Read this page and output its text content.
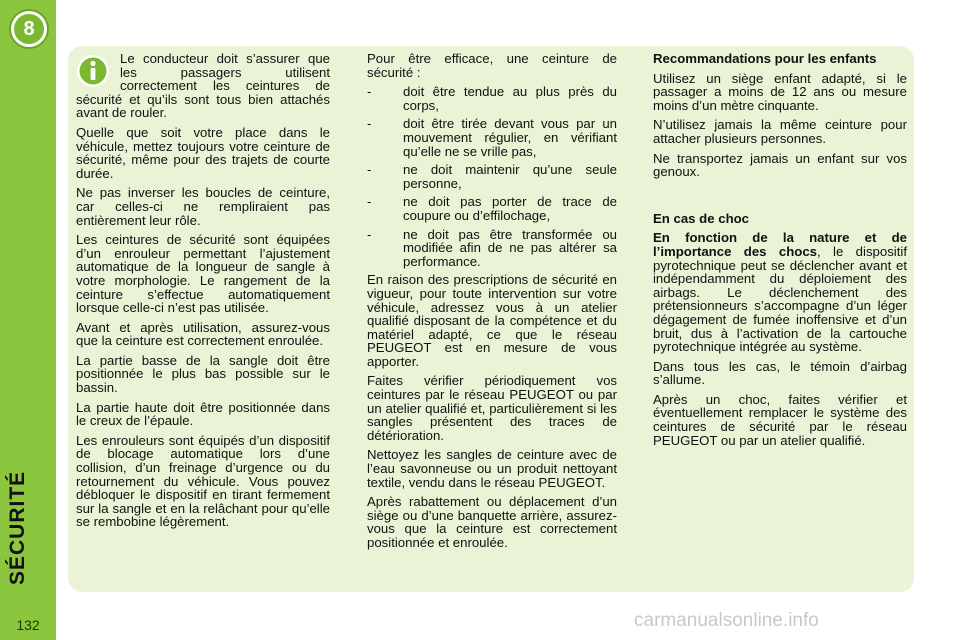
8
SÉCURITÉ
132

Le conducteur doit s’assurer que les passagers utilisent correctement les ceintures de sécurité et qu’ils sont tous bien attachés avant de rouler.

Quelle que soit votre place dans le véhicule, mettez toujours votre ceinture de sécurité, même pour des trajets de courte durée.

Ne pas inverser les boucles de ceinture, car celles-ci ne rempliraient pas entièrement leur rôle.

Les ceintures de sécurité sont équipées d’un enrouleur permettant l’ajustement automatique de la longueur de sangle à votre morphologie. Le rangement de la ceinture s’effectue automatiquement lorsque celle-ci n’est pas utilisée.

Avant et après utilisation, assurez-vous que la ceinture est correctement enroulée.

La partie basse de la sangle doit être positionnée le plus bas possible sur le bassin.

La partie haute doit être positionnée dans le creux de l’épaule.

Les enrouleurs sont équipés d’un dispositif de blocage automatique lors d’une collision, d’un freinage d’urgence ou du retournement du véhicule. Vous pouvez débloquer le dispositif en tirant fermement sur la sangle et en la relâchant pour qu’elle se rembobine légèrement.

Pour être efficace, une ceinture de sécurité :

- doit être tendue au plus près du corps,
- doit être tirée devant vous par un mouvement régulier, en vérifiant qu’elle ne se vrille pas,
- ne doit maintenir qu’une seule personne,
- ne doit pas porter de trace de coupure ou d’effilochage,
- ne doit pas être transformée ou modifiée afin de ne pas altérer sa performance.

En raison des prescriptions de sécurité en vigueur, pour toute intervention sur votre véhicule, adressez vous à un atelier qualifié disposant de la compétence et du matériel adapté, ce que le réseau PEUGEOT est en mesure de vous apporter.

Faites vérifier périodiquement vos ceintures par le réseau PEUGEOT ou par un atelier qualifié et, particulièrement si les sangles présentent des traces de détérioration.

Nettoyez les sangles de ceinture avec de l’eau savonneuse ou un produit nettoyant textile, vendu dans le réseau PEUGEOT.

Après rabattement ou déplacement d’un siège ou d’une banquette arrière, assurez-vous que la ceinture est correctement positionnée et enroulée.

Recommandations pour les enfants

Utilisez un siège enfant adapté, si le passager a moins de 12 ans ou mesure moins d’un mètre cinquante.

N’utilisez jamais la même ceinture pour attacher plusieurs personnes.

Ne transportez jamais un enfant sur vos genoux.

En cas de choc

En fonction de la nature et de l’importance des chocs, le dispositif pyrotechnique peut se déclencher avant et indépendamment du déploiement des airbags. Le déclenchement des prétensionneurs s’accompagne d’un léger dégagement de fumée inoffensive et d’un bruit, dus à l’activation de la cartouche pyrotechnique intégrée au système.

Dans tous les cas, le témoin d’airbag s’allume.

Après un choc, faites vérifier et éventuellement remplacer le système des ceintures de sécurité par le réseau PEUGEOT ou par un atelier qualifié.

carmanualsonline.info
